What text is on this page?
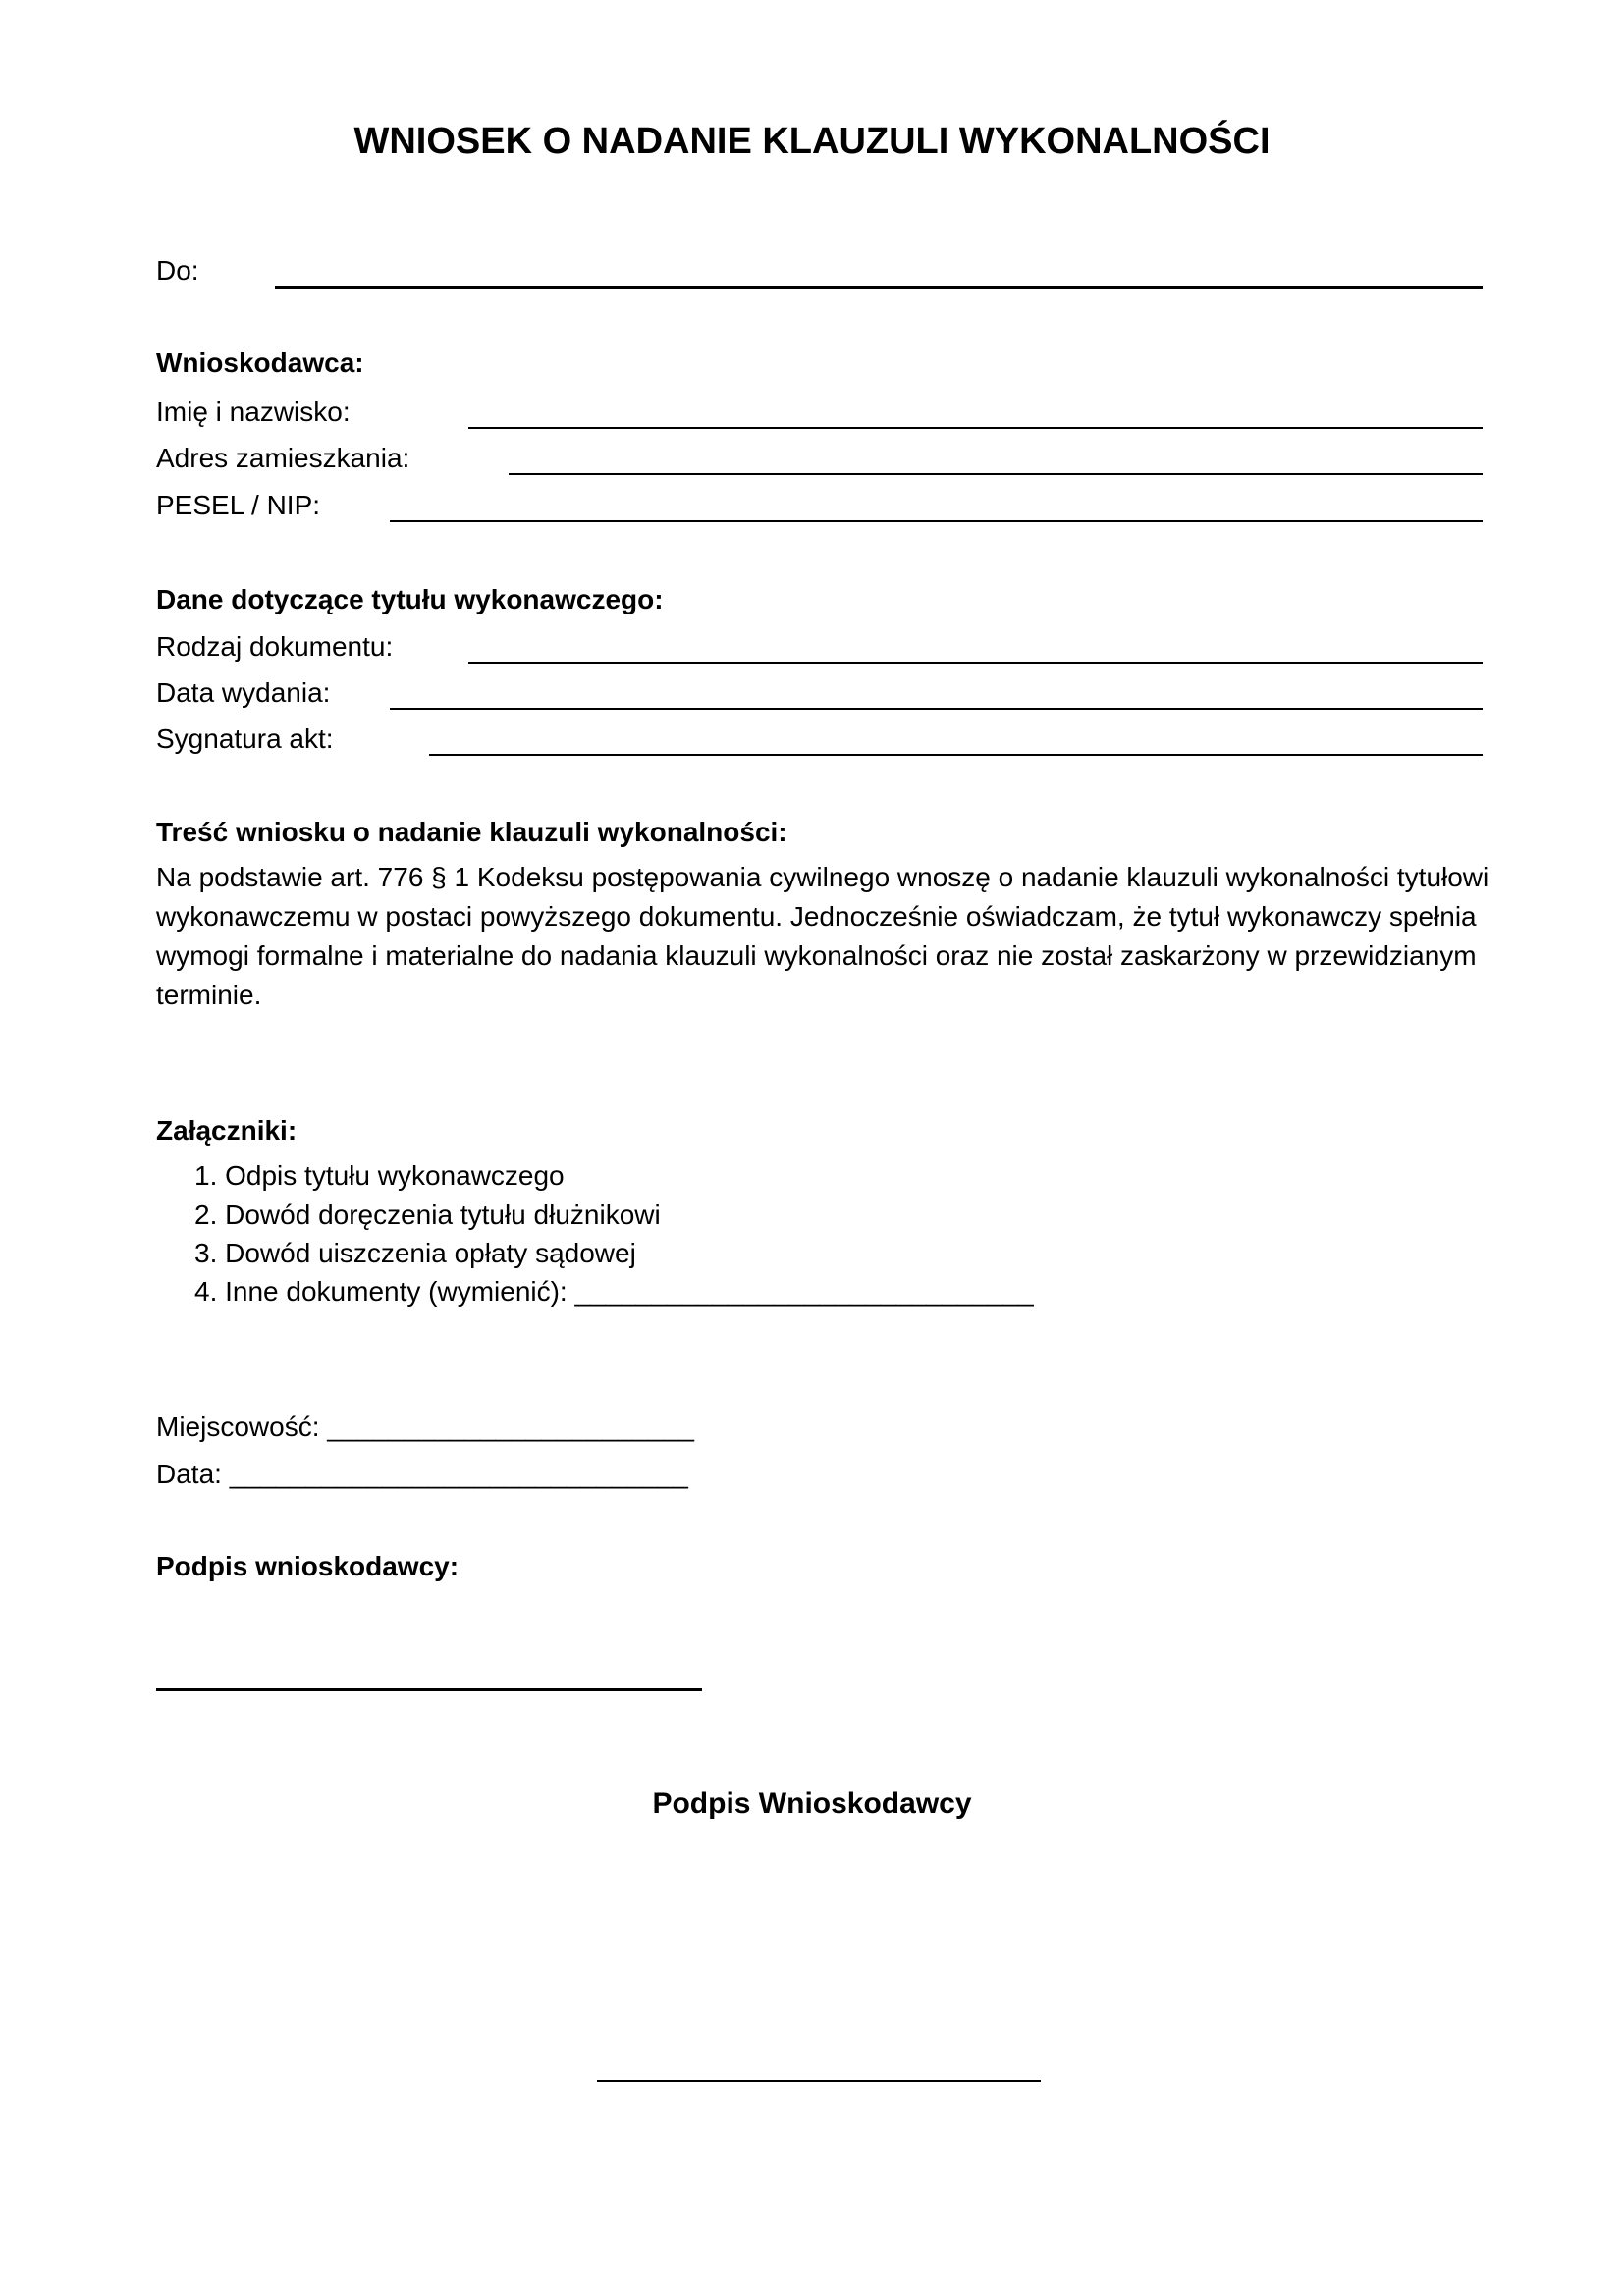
WNIOSEK O NADANIE KLAUZULI WYKONALNOŚCI
Do:
Wnioskodawca:
Imię i nazwisko:
Adres zamieszkania:
PESEL / NIP:
Dane dotyczące tytułu wykonawczego:
Rodzaj dokumentu:
Data wydania:
Sygnatura akt:
Treść wniosku o nadanie klauzuli wykonalności:
Na podstawie art. 776 § 1 Kodeksu postępowania cywilnego wnoszę o nadanie klauzuli wykonalności tytułowi wykonawczemu w postaci powyższego dokumentu. Jednocześnie oświadczam, że tytuł wykonawczy spełnia wymogi formalne i materialne do nadania klauzuli wykonalności oraz nie został zaskarżony w przewidzianym terminie.
Załączniki:
1. Odpis tytułu wykonawczego
2. Dowód doręczenia tytułu dłużnikowi
3. Dowód uiszczenia opłaty sądowej
4. Inne dokumenty (wymienić): ______________________________
Miejscowość: ________________________
Data: ______________________________
Podpis wnioskodawcy:
Podpis Wnioskodawcy
